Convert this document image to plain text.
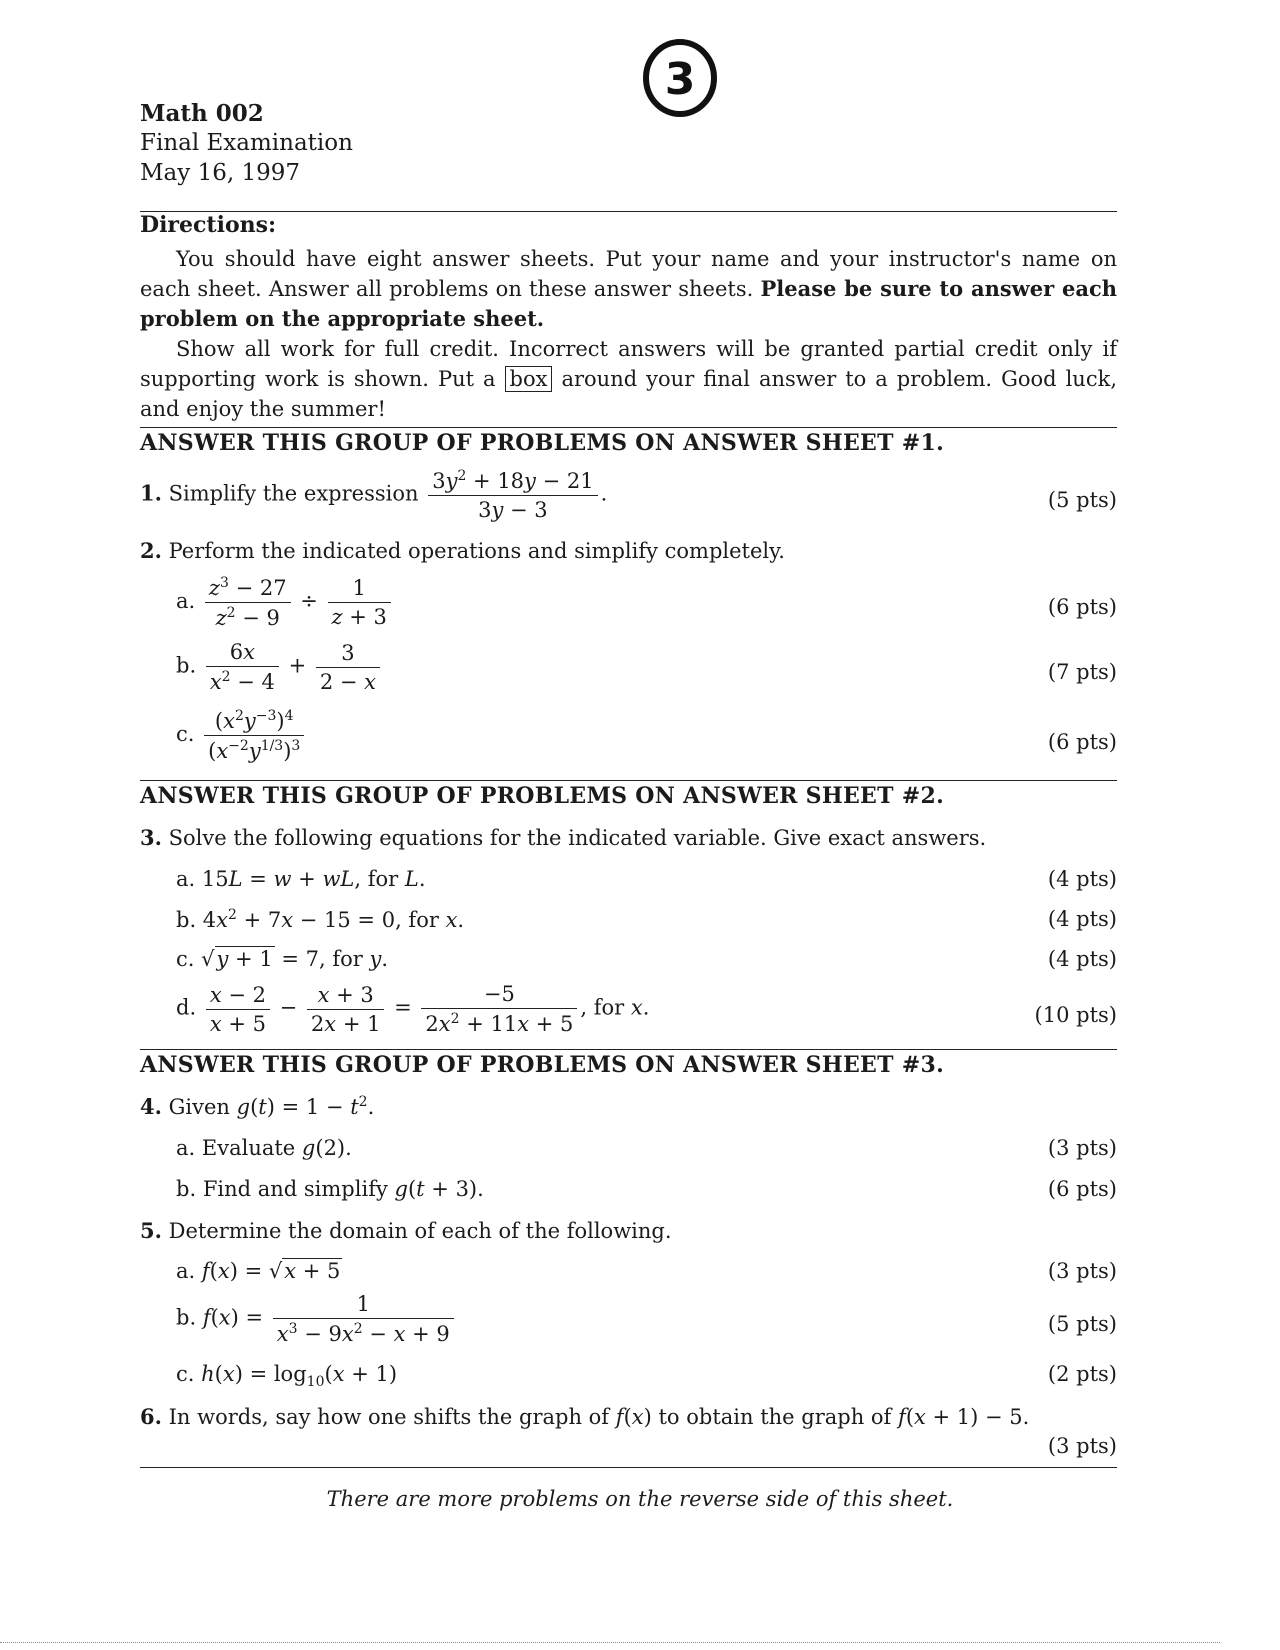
3
Math 002
Final Examination
May 16, 1997
Directions:
You should have eight answer sheets. Put your name and your instructor's name on each sheet. Answer all problems on these answer sheets. Please be sure to answer each problem on the appropriate sheet.
Show all work for full credit. Incorrect answers will be granted partial credit only if supporting work is shown. Put a box around your final answer to a problem. Good luck, and enjoy the summer!
ANSWER THIS GROUP OF PROBLEMS ON ANSWER SHEET #1.
1. Simplify the expression $\frac{3y^2 + 18y - 21}{3y - 3}$ .	(5 pts)
2. Perform the indicated operations and simplify completely.
a. $\frac{z^3 - 27}{z^2 - 9} \div \frac{1}{z + 3}$	(6 pts)
b. $\frac{6x}{x^2 - 4} + \frac{3}{2 - x}$	(7 pts)
c. $\frac{(x^2y^{-3})^4}{(x^{-2}y^{1/3})^3}$	(6 pts)
ANSWER THIS GROUP OF PROBLEMS ON ANSWER SHEET #2.
3. Solve the following equations for the indicated variable. Give exact answers.
a. 15L = w + wL, for L.	(4 pts)
b. $4x^2 + 7x - 15 = 0$, for x.	(4 pts)
c. √y + 1 = 7, for y.	(4 pts)
d. $\frac{x - 2}{x + 5} - \frac{x + 3}{2x + 1} = \frac{-5}{2x^2 + 11x + 5}$ , for x.	(10 pts)
ANSWER THIS GROUP OF PROBLEMS ON ANSWER SHEET #3.
4. Given $g(t) = 1 - t^2$.
a. Evaluate g(2).	(3 pts)
b. Find and simplify g(t + 3).	(6 pts)
5. Determine the domain of each of the following.
a. f(x) = √x + 5	(3 pts)
b. $f(x) = \frac{1}{x^3 - 9x^2 - x + 9}$	(5 pts)
c. $h(x) = \log_{10}(x + 1)$	(2 pts)
6. In words, say how one shifts the graph of f(x) to obtain the graph of f(x + 1) − 5.
(3 pts)
There are more problems on the reverse side of this sheet.
